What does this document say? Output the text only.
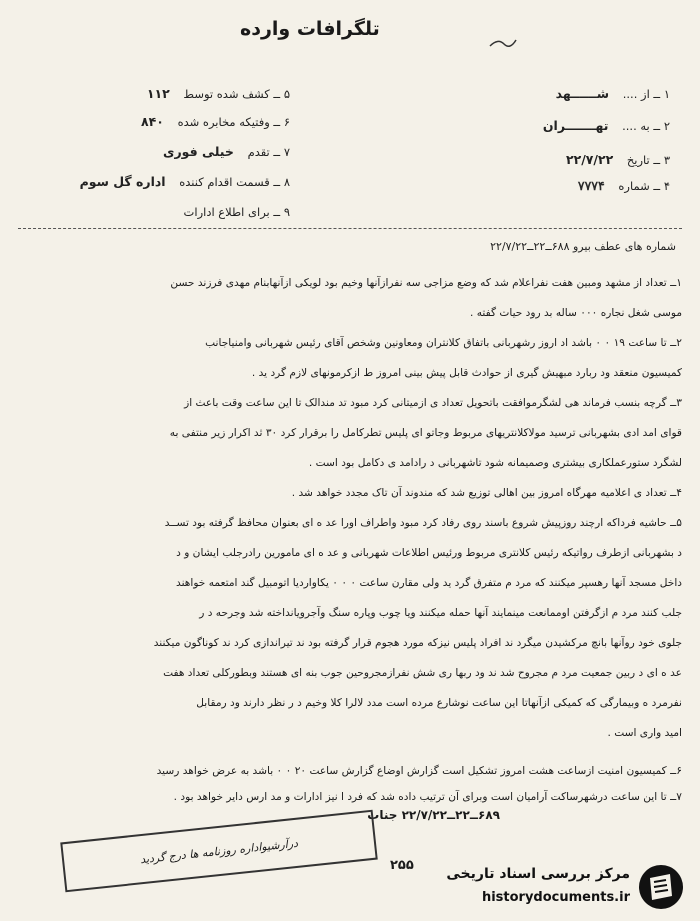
تلگرافات وارده
۱ ــ از .... ﺷــــــﻬﺪ
۲ ــ به .... ﺗﻬـــــــﺮان
۳ ــ تاریخ ۲۲/۷/۲۲
۴ ــ شماره ۷۷۷۴
۵ ــ کشف شده توسط ۱۱۲
۶ ــ وفتیکه مخابره شده ۸۴۰
۷ ــ تقدم خیلی فوری
۸ ــ قسمت اقدام کننده اداره گل سوم
۹ ــ برای اطلاع ادارات
شماره های عطف بیرو ۶۸۸ــ۲۲ــ۲۲/۷/۲۲
۱ــ تعداد از مشهد ومبین هفت نفراعلام شد که وضع مزاجی سه نفرازآنها وخیم بود لویکی ازآنهابنام مهدی فرزند حسن
موسی شغل نجاره ۰۰۰ ساله بد رود حیات گفته .
۲ــ تا ساعت ۱۹ ۰ ۰ باشد اد اروز رشهربانی باتفاق کلانتران ومعاونین وشخص آقای رئیس شهربانی وامنیاجانب
کمیسیون منعقد ود ربارد مبهیش گیری از حوادث قابل پیش بینی امروز ط ازکرمونهای لازم گرد ید .
۳ــ گرچه بنسب فرماند هی لشگرموافقت باتحویل تعداد ی ازمیتانی کرد مبود تد مندالک تا این ساعت وقت باعث از
قوای امد ادی بشهربانی ترسید مولاکلانتریهای مربوط وجاتو ای پلیس تطرکامل را برقرار کرد ۳۰ ثد اکرار زیر منتفی به
لشگرد ستورعملکاری بیشتری وصمیمانه شود تاشهربانی د رادامد ی دکامل بود است .
۴ــ تعداد ی اعلامیه مهرگاه امروز بین اهالی توزیع شد که مندوند آن تاک مجدد خواهد شد .
۵ــ حاشیه فرداکه ارچند روزپیش شروع باسند روی رفاد کرد مبود واطراف اورا عد ه ای بعنوان محافظ گرفته بود تســد
د بشهربانی ازطرف رواتیکه رئیس کلانتری مربوط ورئیس اطلاعات شهربانی و عد ه ای مامورین رادرجلب ایشان و د
داخل مسجد آنها رهسپر میکنند که مرد م متفرق گرد ید ولی مقارن ساعت ۰ ۰ ۰ یکاواردیا اتومبیل گند امتعمه خواهند
جلب کنند مرد م ازگرفتن اوممانعت مینمایند آنها حمله میکنند ویا چوب وپاره سنگ وآجرویانداخته شد وجرحه د ر
جلوی خود روآنها بانچ مرکشیدن میگرد ند افراد پلیس نیزکه مورد هجوم قرار گرفته بود ند تیراندازی کرد ند کوناگون میکنند
عد ه ای د ربین جمعیت مرد م مجروح شد ند ود ربها ری شش نفرازمجروحین جوب بنه ای هستند وبطورکلی تعداد هفت
نفرمرد ه وبیمارگی که کمیکی ازآنهاتا این ساعت نوشارع مرده است مدد لالرا کلا وخیم د ر نظر دارند ود رمقابل
امید واری است .
۶ــ کمیسیون امنیت ازساعت هشت امروز تشکیل است گزارش اوضاع گزارش ساعت ۲۰ ۰ ۰ باشد به عرض خواهد رسید
۷ــ تا این ساعت درشهرساکت آرامیان است وبرای آن ترتیب داده شد که فرد ا نیز ادارات و مد ارس دایر خواهد بود .
۶۸۹ــ۲۲ــ۲۲/۷/۲۲ جناب
درآرشیواداره روزنامه ها درج گردید	۲۵۵
مرکز بررسی اسناد تاریخی
historydocuments.ir
